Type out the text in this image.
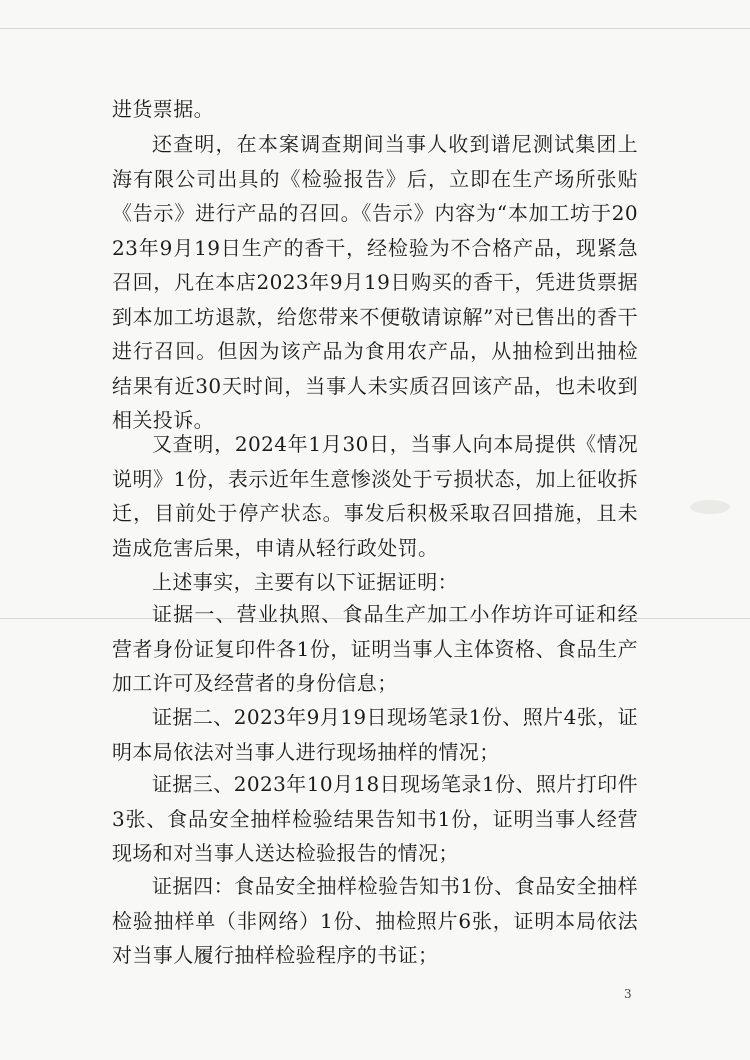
进货票据。

还查明，在本案调查期间当事人收到谱尼测试集团上海有限公司出具的《检验报告》后，立即在生产场所张贴《告示》进行产品的召回。《告示》内容为“本加工坊于2023年9月19日生产的香干，经检验为不合格产品，现紧急召回，凡在本店2023年9月19日购买的香干，凭进货票据到本加工坊退款，给您带来不便敬请谅解”对已售出的香干进行召回。但因为该产品为食用农产品，从抽检到出抽检结果有近30天时间，当事人未实质召回该产品，也未收到相关投诉。

又查明，2024年1月30日，当事人向本局提供《情况说明》1份，表示近年生意惨淡处于亏损状态，加上征收拆迁，目前处于停产状态。事发后积极采取召回措施，且未造成危害后果，申请从轻行政处罚。

上述事实，主要有以下证据证明：

证据一、营业执照、食品生产加工小作坊许可证和经营者身份证复印件各1份，证明当事人主体资格、食品生产加工许可及经营者的身份信息；

证据二、2023年9月19日现场笔录1份、照片4张，证明本局依法对当事人进行现场抽样的情况；

证据三、2023年10月18日现场笔录1份、照片打印件3张、食品安全抽样检验结果告知书1份，证明当事人经营现场和对当事人送达检验报告的情况；

证据四：食品安全抽样检验告知书1份、食品安全抽样检验抽样单（非网络）1份、抽检照片6张，证明本局依法对当事人履行抽样检验程序的书证；

3
